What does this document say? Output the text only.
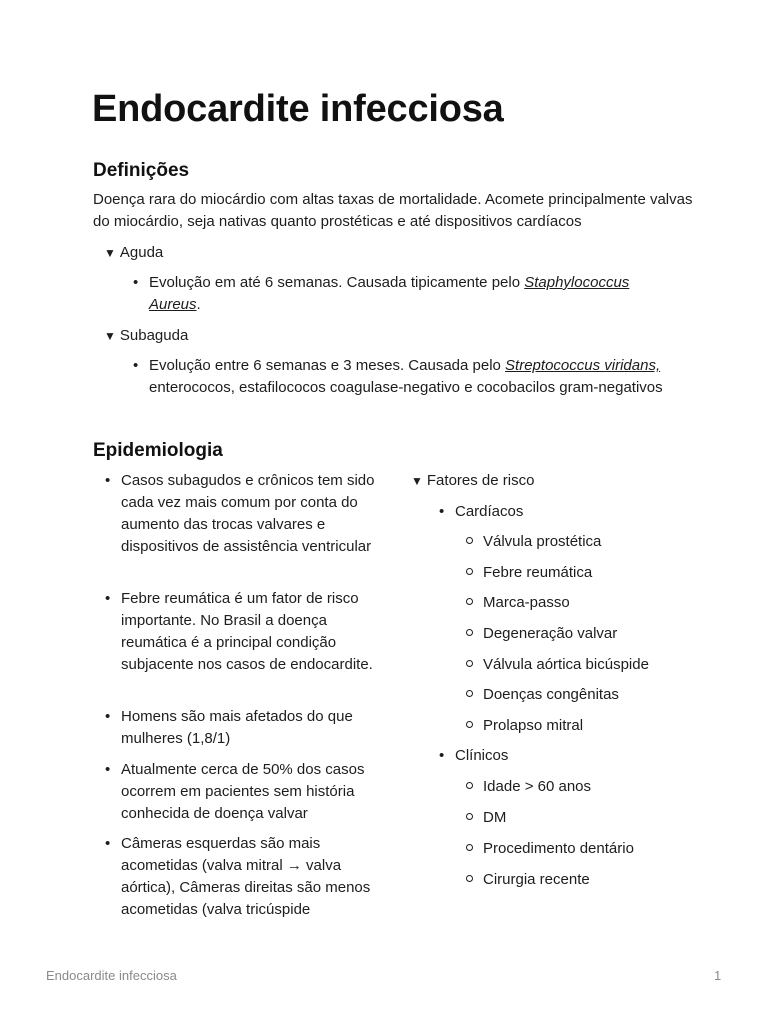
Endocardite infecciosa
Definições

Doença rara do miocárdio com altas taxas de mortalidade. Acomete principalmente valvas do miocárdio, seja nativas quanto prostéticas e até dispositivos cardíacos

▼ Aguda
• Evolução em até 6 semanas. Causada tipicamente pelo Staphylococcus Aureus.
▼ Subaguda
• Evolução entre 6 semanas e 3 meses. Causada pelo Streptococcus viridans, enterococos, estafilococos coagulase-negativo e cocobacilos gram-negativos
Epidemiologia
• Casos subagudos e crônicos tem sido cada vez mais comum por conta do aumento das trocas valvares e dispositivos de assistência ventricular
• Febre reumática é um fator de risco importante. No Brasil a doença reumática é a principal condição subjacente nos casos de endocardite.
• Homens são mais afetados do que mulheres (1,8/1)
• Atualmente cerca de 50% dos casos ocorrem em pacientes sem história conhecida de doença valvar
• Câmeras esquerdas são mais acometidas (valva mitral → valva aórtica), Câmeras direitas são menos acometidas (valva tricúspide
▼ Fatores de risco
• Cardíacos
Válvula prostética
Febre reumática
Marca-passo
Degeneração valvar
Válvula aórtica bicúspide
Doenças congênitas
Prolapso mitral
• Clínicos
Idade > 60 anos
DM
Procedimento dentário
Cirurgia recente
Endocardite infecciosa	1
